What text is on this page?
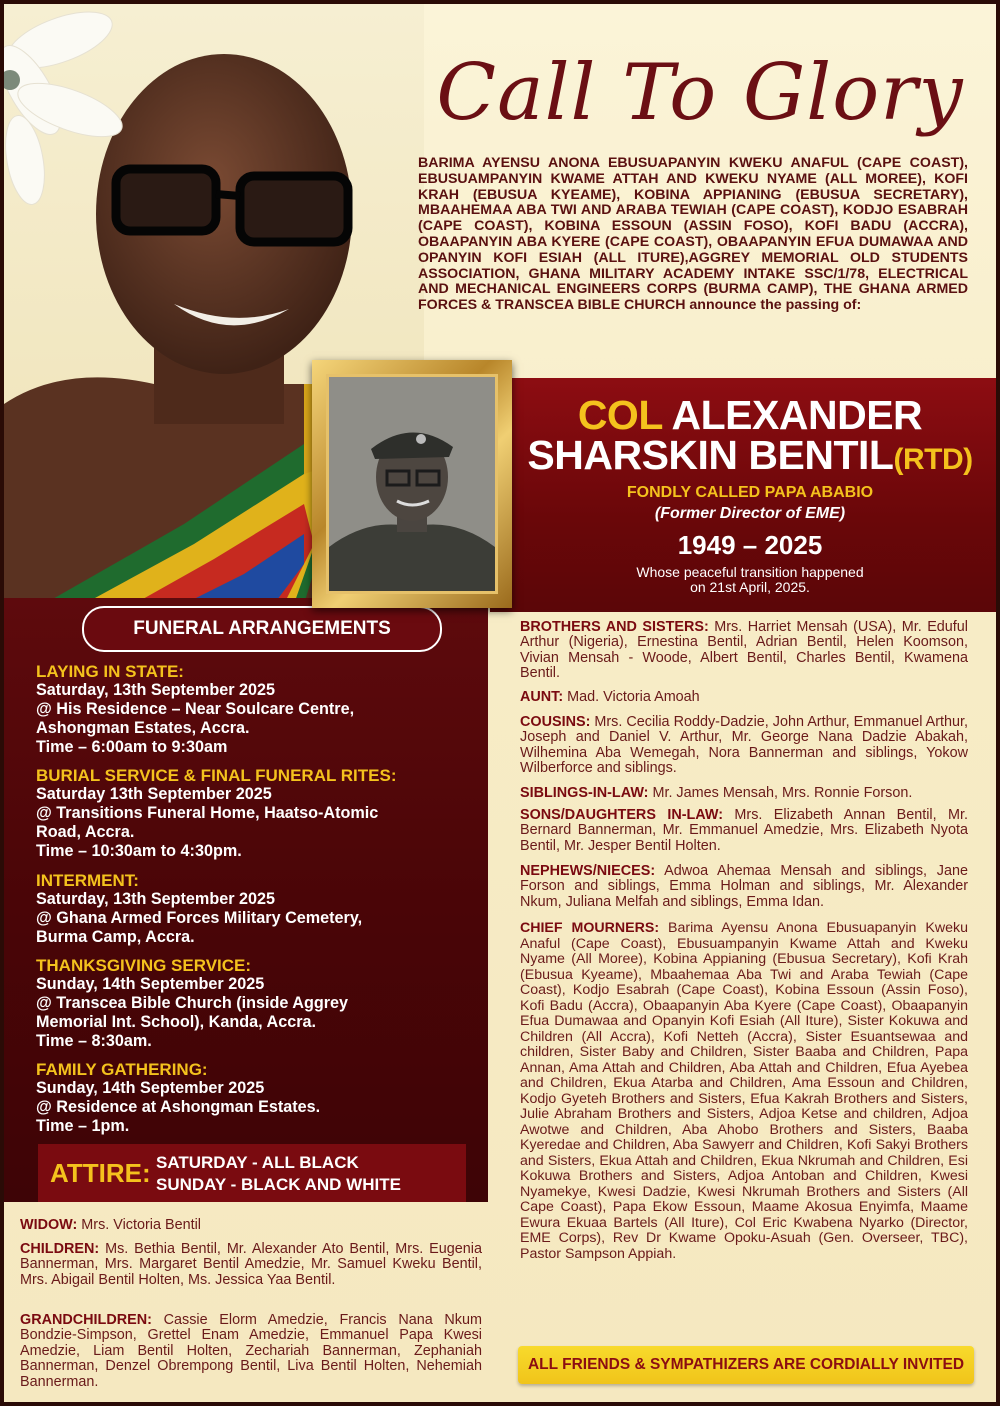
Call To Glory
BARIMA AYENSU ANONA EBUSUAPANYIN KWEKU ANAFUL (CAPE COAST), EBUSUAMPANYIN KWAME ATTAH AND KWEKU NYAME (ALL MOREE), KOFI KRAH (EBUSUA KYEAME), KOBINA APPIANING (EBUSUA SECRETARY), MBAAHEMAA ABA TWI AND ARABA TEWIAH (CAPE COAST), KODJO ESABRAH (CAPE COAST), KOBINA ESSOUN (ASSIN FOSO), KOFI BADU (ACCRA), OBAAPANYIN ABA KYERE (CAPE COAST), OBAAPANYIN EFUA DUMAWAA AND OPANYIN KOFI ESIAH (ALL ITURE),AGGREY MEMORIAL OLD STUDENTS ASSOCIATION, GHANA MILITARY ACADEMY INTAKE SSC/1/78, ELECTRICAL AND MECHANICAL ENGINEERS CORPS (BURMA CAMP), THE GHANA ARMED FORCES & TRANSCEA BIBLE CHURCH announce the passing of:
COL ALEXANDER
SHARSKIN BENTIL(RTD)
FONDLY CALLED PAPA ABABIO
(Former Director of EME)
1949 – 2025
Whose peaceful transition happened
on 21st April, 2025.
FUNERAL ARRANGEMENTS
LAYING IN STATE:
Saturday, 13th September 2025
@ His Residence – Near Soulcare Centre,
Ashongman Estates, Accra.
Time – 6:00am to 9:30am
BURIAL SERVICE & FINAL FUNERAL RITES:
Saturday 13th September 2025
@ Transitions Funeral Home, Haatso-Atomic
Road, Accra.
Time – 10:30am to 4:30pm.
INTERMENT:
Saturday, 13th September 2025
@ Ghana Armed Forces Military Cemetery,
Burma Camp, Accra.
THANKSGIVING SERVICE:
Sunday, 14th September 2025
@ Transcea Bible Church (inside Aggrey
Memorial Int. School), Kanda, Accra.
Time – 8:30am.
FAMILY GATHERING:
Sunday, 14th September 2025
@ Residence at Ashongman Estates.
Time – 1pm.
ATTIRE: SATURDAY - ALL BLACK
SUNDAY - BLACK AND WHITE
WIDOW: Mrs. Victoria Bentil
CHILDREN: Ms. Bethia Bentil, Mr. Alexander Ato Bentil, Mrs. Eugenia Bannerman, Mrs. Margaret Bentil Amedzie, Mr. Samuel Kweku Bentil, Mrs. Abigail Bentil Holten, Ms. Jessica Yaa Bentil.
GRANDCHILDREN: Cassie Elorm Amedzie, Francis Nana Nkum Bondzie-Simpson, Grettel Enam Amedzie, Emmanuel Papa Kwesi Amedzie, Liam Bentil Holten, Zechariah Bannerman, Zephaniah Bannerman, Denzel Obrempong Bentil, Liva Bentil Holten, Nehemiah Bannerman.
BROTHERS AND SISTERS: Mrs. Harriet Mensah (USA), Mr. Eduful Arthur (Nigeria), Ernestina Bentil, Adrian Bentil, Helen Koomson, Vivian Mensah - Woode, Albert Bentil, Charles Bentil, Kwamena Bentil.
AUNT: Mad. Victoria Amoah
COUSINS: Mrs. Cecilia Roddy-Dadzie, John Arthur, Emmanuel Arthur, Joseph and Daniel V. Arthur, Mr. George Nana Dadzie Abakah, Wilhemina Aba Wemegah, Nora Bannerman and siblings, Yokow Wilberforce and siblings.
SIBLINGS-IN-LAW: Mr. James Mensah, Mrs. Ronnie Forson.
SONS/DAUGHTERS IN-LAW: Mrs. Elizabeth Annan Bentil, Mr. Bernard Bannerman, Mr. Emmanuel Amedzie, Mrs. Elizabeth Nyota Bentil, Mr. Jesper Bentil Holten.
NEPHEWS/NIECES: Adwoa Ahemaa Mensah and siblings, Jane Forson and siblings, Emma Holman and siblings, Mr. Alexander Nkum, Juliana Melfah and siblings, Emma Idan.
CHIEF MOURNERS: Barima Ayensu Anona Ebusuapanyin Kweku Anaful (Cape Coast), Ebusuampanyin Kwame Attah and Kweku Nyame (All Moree), Kobina Appianing (Ebusua Secretary), Kofi Krah (Ebusua Kyeame), Mbaahemaa Aba Twi and Araba Tewiah (Cape Coast), Kodjo Esabrah (Cape Coast), Kobina Essoun (Assin Foso), Kofi Badu (Accra), Obaapanyin Aba Kyere (Cape Coast), Obaapanyin Efua Dumawaa and Opanyin Kofi Esiah (All Iture), Sister Kokuwa and Children (All Accra), Kofi Netteh (Accra), Sister Esuantsewaa and children, Sister Baby and Children, Sister Baaba and Children, Papa Annan, Ama Attah and Children, Aba Attah and Children, Efua Ayebea and Children, Ekua Atarba and Children, Ama Essoun and Children, Kodjo Gyeteh Brothers and Sisters, Efua Kakrah Brothers and Sisters, Julie Abraham Brothers and Sisters, Adjoa Ketse and children, Adjoa Awotwe and Children, Aba Ahobo Brothers and Sisters, Baaba Kyeredae and Children, Aba Sawyerr and Children, Kofi Sakyi Brothers and Sisters, Ekua Attah and Children, Ekua Nkrumah and Children, Esi Kokuwa Brothers and Sisters, Adjoa Antoban and Children, Kwesi Nyamekye, Kwesi Dadzie, Kwesi Nkrumah Brothers and Sisters (All Cape Coast), Papa Ekow Essoun, Maame Akosua Enyimfa, Maame Ewura Ekuaa Bartels (All Iture), Col Eric Kwabena Nyarko (Director, EME Corps), Rev Dr Kwame Opoku-Asuah (Gen. Overseer, TBC), Pastor Sampson Appiah.
ALL FRIENDS & SYMPATHIZERS ARE CORDIALLY INVITED
